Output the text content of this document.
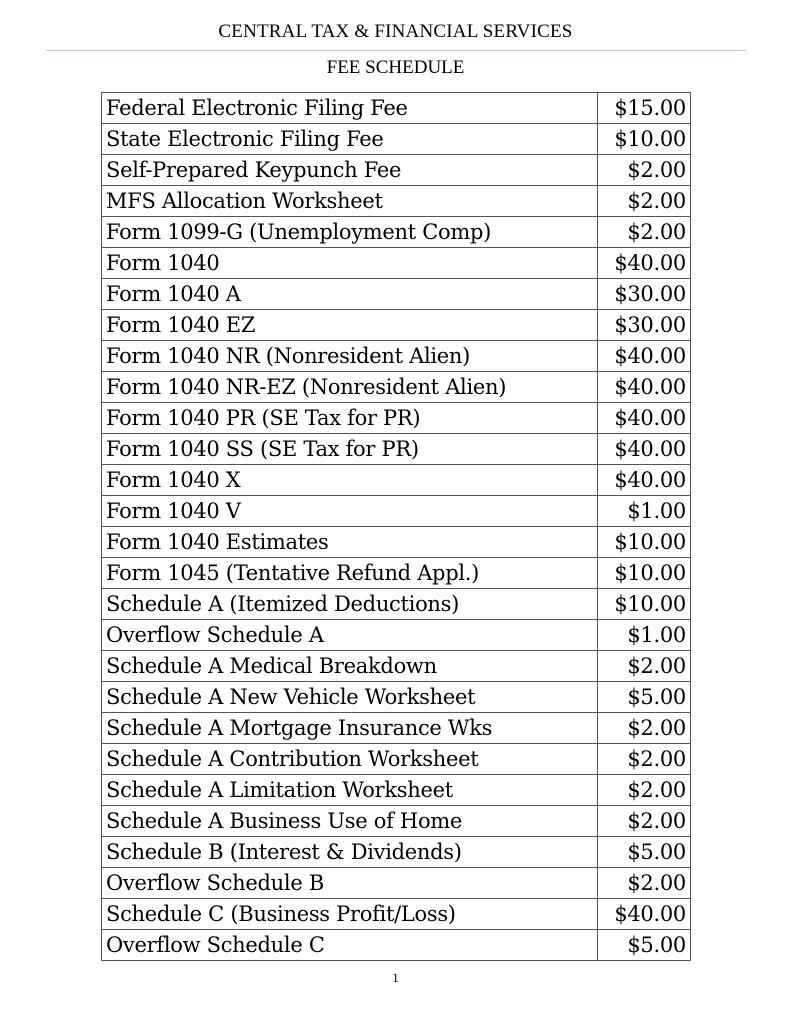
CENTRAL TAX & FINANCIAL SERVICES
FEE SCHEDULE
Federal Electronic Filing Fee	$15.00
State Electronic Filing Fee	$10.00
Self-Prepared Keypunch Fee	$2.00
MFS Allocation Worksheet	$2.00
Form 1099-G (Unemployment Comp)	$2.00
Form 1040	$40.00
Form 1040 A	$30.00
Form 1040 EZ	$30.00
Form 1040 NR (Nonresident Alien)	$40.00
Form 1040 NR-EZ (Nonresident Alien)	$40.00
Form 1040 PR (SE Tax for PR)	$40.00
Form 1040 SS (SE Tax for PR)	$40.00
Form 1040 X	$40.00
Form 1040 V	$1.00
Form 1040 Estimates	$10.00
Form 1045 (Tentative Refund Appl.)	$10.00
Schedule A (Itemized Deductions)	$10.00
Overflow Schedule A	$1.00
Schedule A Medical Breakdown	$2.00
Schedule A New Vehicle Worksheet	$5.00
Schedule A Mortgage Insurance Wks	$2.00
Schedule A Contribution Worksheet	$2.00
Schedule A Limitation Worksheet	$2.00
Schedule A Business Use of Home	$2.00
Schedule B (Interest & Dividends)	$5.00
Overflow Schedule B	$2.00
Schedule C (Business Profit/Loss)	$40.00
Overflow Schedule C	$5.00
1
